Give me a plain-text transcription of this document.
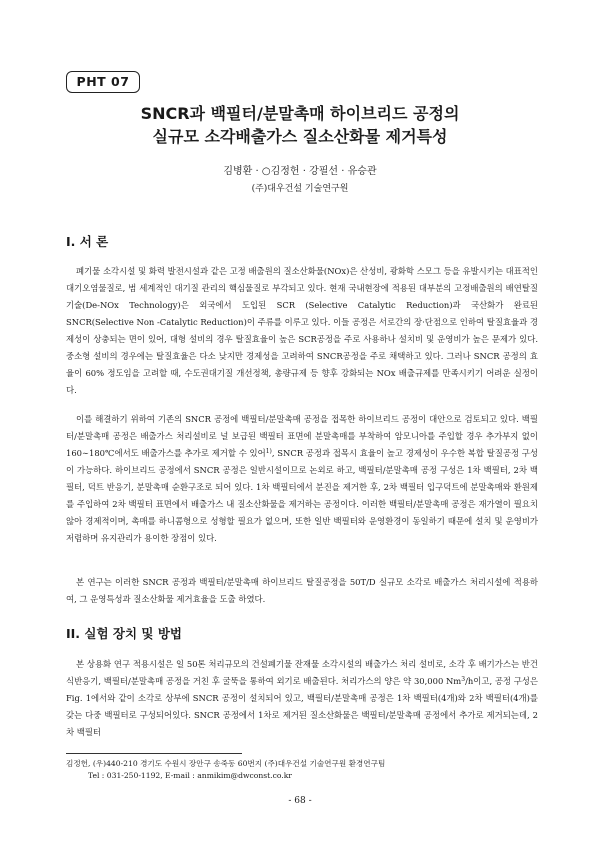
PHT 07
SNCR과 백필터/분말촉매 하이브리드 공정의
실규모 소각배출가스 질소산화물 제거특성
김병환 · ○김정헌 · 강필선 · 유승관
(주)대우건설 기술연구원
I. 서 론

폐기물 소각시설 및 화력 발전시설과 같은 고정 배출원의 질소산화물(NOx)은 산성비, 광화학 스모그 등을 유발시키는 대표적인 대기오염물질로, 범 세계적인 대기질 관리의 핵심물질로 부각되고 있다. 현재 국내현장에 적용된 대부분의 고정배출원의 배연탈질기술(De-NOx Technology)은 외국에서 도입된 SCR (Selective Catalytic Reduction)과 국산화가 완료된 SNCR(Selective Non -Catalytic Reduction)이 주류를 이루고 있다. 이들 공정은 서로간의 장·단점으로 인하여 탈질효율과 경제성이 상충되는 면이 있어, 대형 설비의 경우 탈질효율이 높은 SCR공정을 주로 사용하나 설치비 및 운영비가 높은 문제가 있다. 중소형 설비의 경우에는 탈질효율은 다소 낮지만 경제성을 고려하여 SNCR공정을 주로 채택하고 있다. 그러나 SNCR 공정의 효율이 60% 정도임을 고려할 때, 수도권대기질 개선정책, 총량규제 등 향후 강화되는 NOx 배출규제를 만족시키기 어려운 실정이다.

이를 해결하기 위하여 기존의 SNCR 공정에 백필터/분말촉매 공정을 접목한 하이브리드 공정이 대안으로 검토되고 있다. 백필터/분말촉매 공정은 배출가스 처리설비로 널 보급된 백필터 표면에 분말촉매를 부착하여 암모니아를 주입할 경우 추가부지 없이 160∼180℃에서도 배출가스를 추가로 제거할 수 있어$^{1)}$, SNCR 공정과 접목시 효율이 높고 경제성이 우수한 복합 탈질공정 구성이 가능하다. 하이브리드 공정에서 SNCR 공정은 일반시설이므로 논외로 하고, 백필터/분말촉매 공정 구성은 1차 백필터, 2차 백필터, 덕트 반응기, 분말촉매 순환구조로 되어 있다. 1차 백필터에서 분진을 제거한 후, 2차 백필터 입구덕트에 분말촉매와 환원제를 주입하여 2차 백필터 표면에서 배출가스 내 질소산화물을 제거하는 공정이다. 이러한 백필터/분말촉매 공정은 재가열이 필요치 않아 경제적이며, 촉매를 하니콤형으로 성형할 필요가 없으며, 또한 일반 백필터와 운영환경이 동일하기 때문에 설치 및 운영비가 저렴하며 유지관리가 용이한 장점이 있다.

본 연구는 이러한 SNCR 공정과 백필터/분말촉매 하이브리드 탈질공정을 50T/D 실규모 소각로 배출가스 처리시설에 적용하여, 그 운영특성과 질소산화물 제거효율을 도출 하였다.

II. 실험 장치 및 방법

본 상용화 연구 적용시설은 일 50톤 처리규모의 건설폐기물 잔재물 소각시설의 배출가스 처리 설비로, 소각 후 배기가스는 반건식반응기, 백필터/분말촉매 공정을 거친 후 굴뚝을 통하여 외기로 배출된다. 처리가스의 양은 약 30,000 Nm$^3$/h이고, 공정 구성은 Fig. 1에서와 같이 소각로 상부에 SNCR 공정이 설치되어 있고, 백필터/분말촉매 공정은 1차 백필터(4개)와 2차 백필터(4개)를 갖는 다중 백필터로 구성되어있다. SNCR 공정에서 1차로 제거된 질소산화물은 백필터/분말촉매 공정에서 추가로 제거되는데, 2차 백필터

김정헌, (우)440-210 경기도 수원시 장안구 송죽동 60번지 (주)대우건설 기술연구원 환경연구팀
Tel : 031-250-1192, E-mail : anmikim@dwconst.co.kr
- 68 -
